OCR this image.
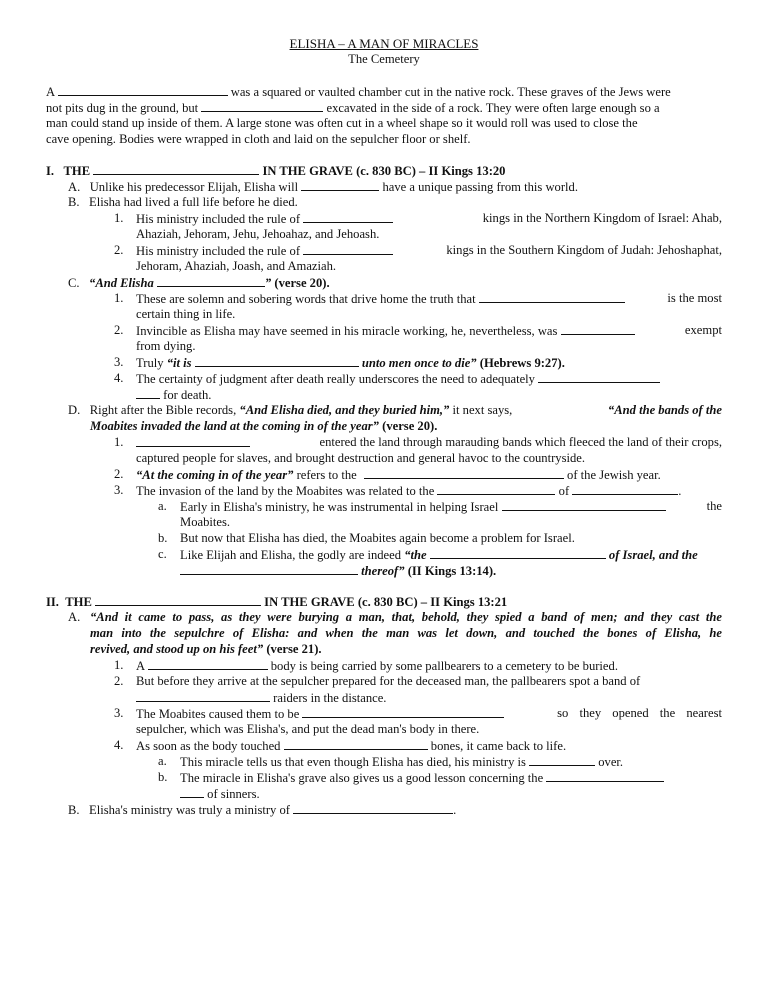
ELISHA – A MAN OF MIRACLES
The Cemetery
A	was a squared or vaulted chamber cut in the native rock. These graves of the Jews were
not pits dug in the ground, but	excavated in the side of a rock. They were often large enough so a
man could stand up inside of them. A large stone was often cut in a wheel shape so it would roll was used to close the
cave opening. Bodies were wrapped in cloth and laid on the sepulcher floor or shelf.
I. THE	IN THE GRAVE (c. 830 BC) – II Kings 13:20
A. Unlike his predecessor Elijah, Elisha will	have a unique passing from this world.
B. Elisha had lived a full life before he died.
1. His ministry included the rule of	kings in the Northern Kingdom of Israel: Ahab,
Ahaziah, Jehoram, Jehu, Jehoahaz, and Jehoash.
2. His ministry included the rule of	kings in the Southern Kingdom of Judah: Jehoshaphat,
Jehoram, Ahaziah, Joash, and Amaziah.
C. “And Elisha	” (verse 20).
1. These are solemn and sobering words that drive home the truth that	is the most
certain thing in life.
2. Invincible as Elisha may have seemed in his miracle working, he, nevertheless, was	exempt
from dying.
3. Truly “it is	unto men once to die” (Hebrews 9:27).
4. The certainty of judgment after death really underscores the need to adequately
for death.
D. Right after the Bible records, “And Elisha died, and they buried him,” it next says,	“And the bands of the
Moabites invaded the land at the coming in of the year” (verse 20).
1.	entered the land through marauding bands which fleeced the land of their crops,
captured people for slaves, and brought destruction and general havoc to the countryside.
2. “At the coming in of the year” refers to the	of the Jewish year.
3. The invasion of the land by the Moabites was related to the	of	.
a. Early in Elisha's ministry, he was instrumental in helping Israel	the
Moabites.
b. But now that Elisha has died, the Moabites again become a problem for Israel.
c. Like Elijah and Elisha, the godly are indeed “the	of Israel, and the
thereof” (II Kings 13:14).
II. THE	IN THE GRAVE (c. 830 BC) – II Kings 13:21
A. “And it came to pass, as they were burying a man, that, behold, they spied a band of men; and they cast the
man into the sepulchre of Elisha: and when the man was let down, and touched the bones of Elisha, he
revived, and stood up on his feet” (verse 21).
1. A	body is being carried by some pallbearers to a cemetery to be buried.
2. But before they arrive at the sepulcher prepared for the deceased man, the pallbearers spot a band of
raiders in the distance.
3. The Moabites caused them to be	so they opened the nearest
sepulcher, which was Elisha's, and put the dead man's body in there.
4. As soon as the body touched	bones, it came back to life.
a. This miracle tells us that even though Elisha has died, his ministry is	over.
b. The miracle in Elisha's grave also gives us a good lesson concerning the
of sinners.
B. Elisha's ministry was truly a ministry of	.
